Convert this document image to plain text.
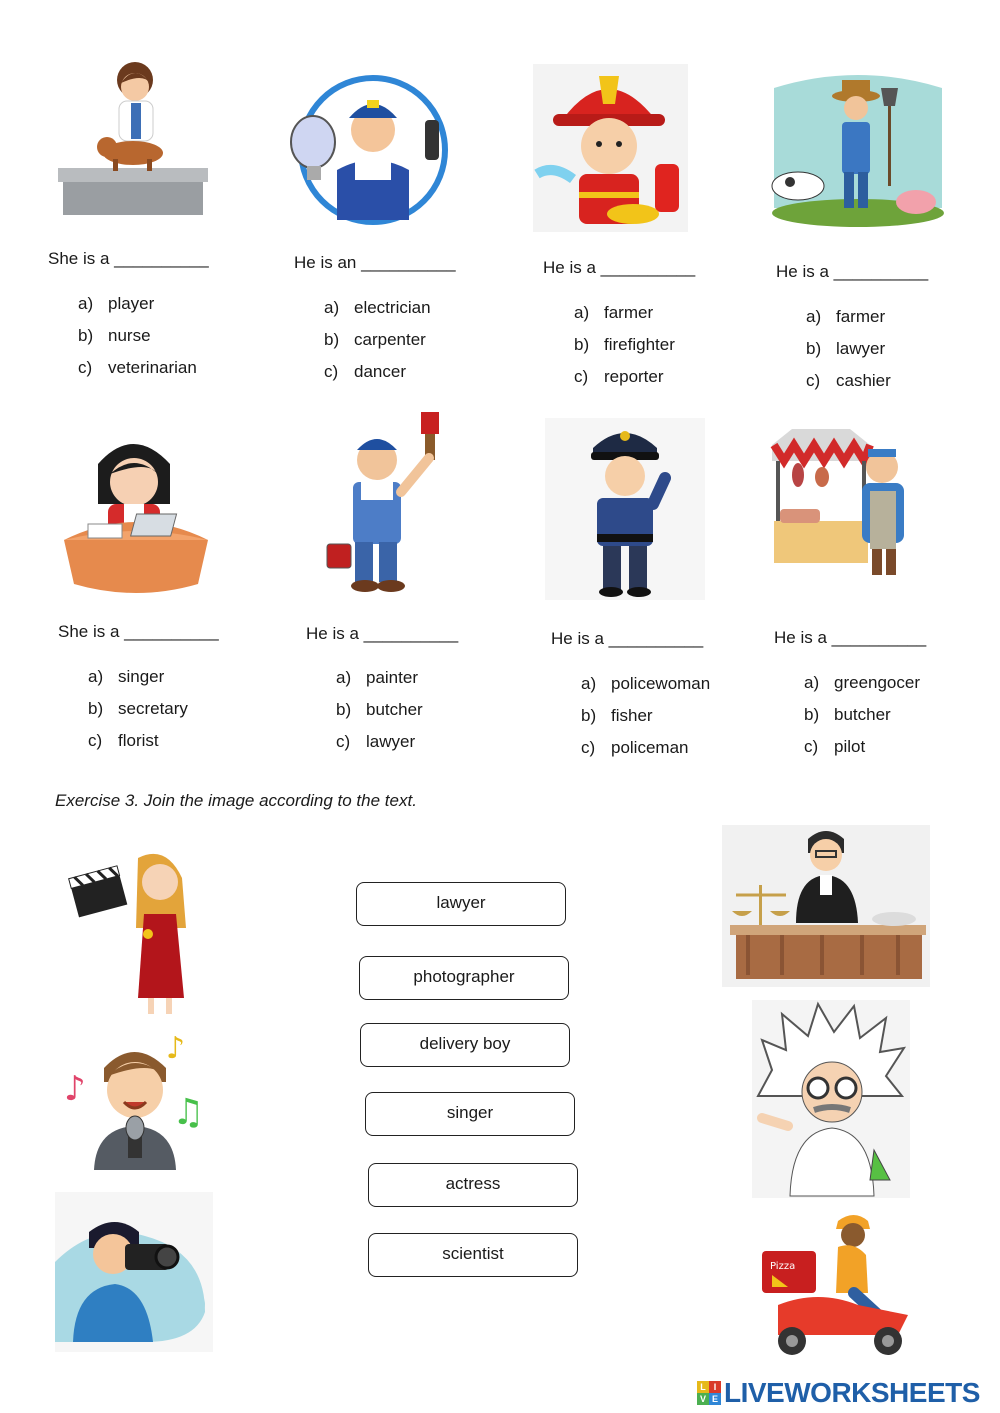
She is a __________
a) player
b) nurse
c) veterinarian
He is an __________
a) electrician
b) carpenter
c) dancer
He is a __________
a) farmer
b) firefighter
c) reporter
He is a __________
a) farmer
b) lawyer
c) cashier
She is a __________
a) singer
b) secretary
c) florist
He is a __________
a) painter
b) butcher
c) lawyer
He is a __________
a) policewoman
b) fisher
c) policeman
He is a __________
a) greengocer
b) butcher
c) pilot
Exercise 3. Join the image according to the text.
♪
♪
♫
lawyer
photographer
delivery boy
singer
actress
scientist
Pizza
L I
V E LIVEWORKSHEETS
